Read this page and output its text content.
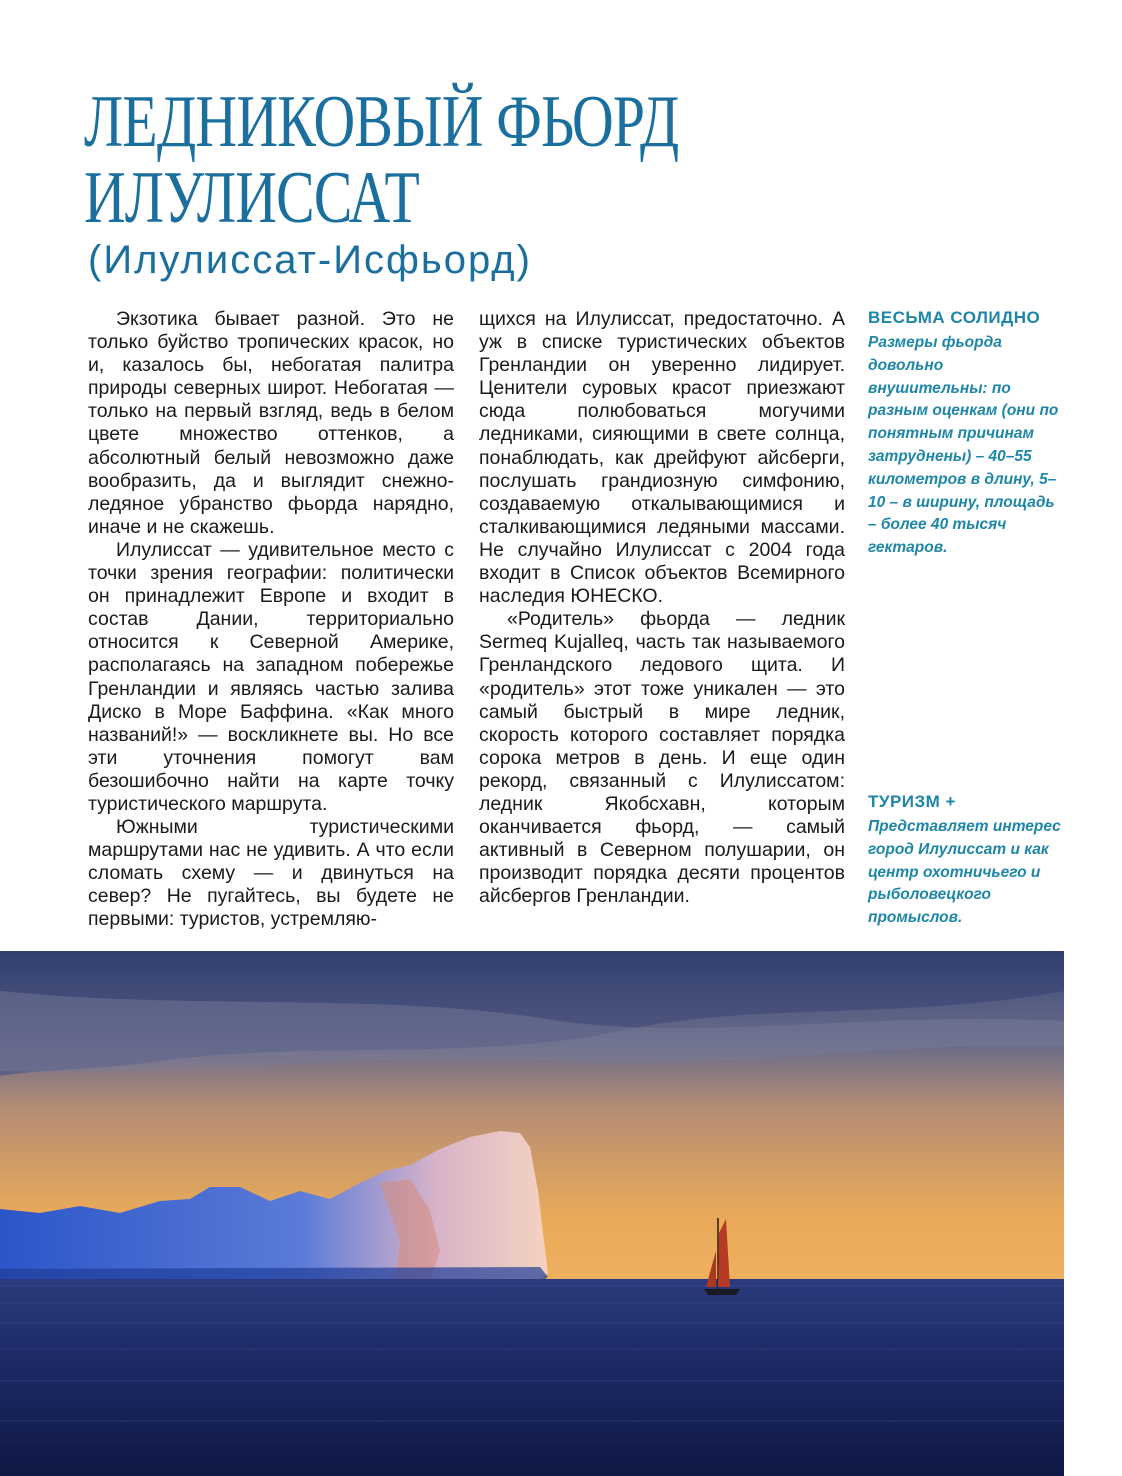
ЛЕДНИКОВЫЙ ФЬОРД
ИЛУЛИССАТ
(Илулиссат-Исфьорд)

Экзотика бывает разной. Это не только буйство тропических красок, но и, казалось бы, небогатая палитра природы северных широт. Небогатая — только на первый взгляд, ведь в белом цвете множество оттенков, а абсолютный белый невозможно даже вообразить, да и выглядит снежно-ледяное убранство фьорда нарядно, иначе и не скажешь.

Илулиссат — удивительное место с точки зрения географии: политически он принадлежит Европе и входит в состав Дании, территориально относится к Северной Америке, располагаясь на западном побережье Гренландии и являясь частью залива Диско в Море Баффина. «Как много названий!» — воскликнете вы. Но все эти уточнения помогут вам безошибочно найти на карте точку туристического маршрута.

Южными туристическими маршрутами нас не удивить. А что если сломать схему — и двинуться на север? Не пугайтесь, вы будете не первыми: туристов, устремляю-

щихся на Илулиссат, предостаточно. А уж в списке туристических объектов Гренландии он уверенно лидирует. Ценители суровых красот приезжают сюда полюбоваться могучими ледниками, сияющими в свете солнца, понаблюдать, как дрейфуют айсберги, послушать грандиозную симфонию, создаваемую откалывающимися и сталкивающимися ледяными массами. Не случайно Илулиссат с 2004 года входит в Список объектов Всемирного наследия ЮНЕСКО.

«Родитель» фьорда — ледник Sermeq Kujalleq, часть так называемого Гренландского ледового щита. И «родитель» этот тоже уникален — это самый быстрый в мире ледник, скорость которого составляет порядка сорока метров в день. И еще один рекорд, связанный с Илулиссатом: ледник Якобсхавн, которым оканчивается фьорд, — самый активный в Северном полушарии, он производит порядка десяти процентов айсбергов Гренландии.

ВЕСЬМА СОЛИДНО

Размеры фьорда довольно внушительны: по разным оценкам (они по понятным причинам затруднены) – 40–55 километров в длину, 5–10 – в ширину, площадь – более 40 тысяч гектаров.

ТУРИЗМ +

Представляет интерес город Илулиссат и как центр охотничьего и рыболовецкого промыслов.
